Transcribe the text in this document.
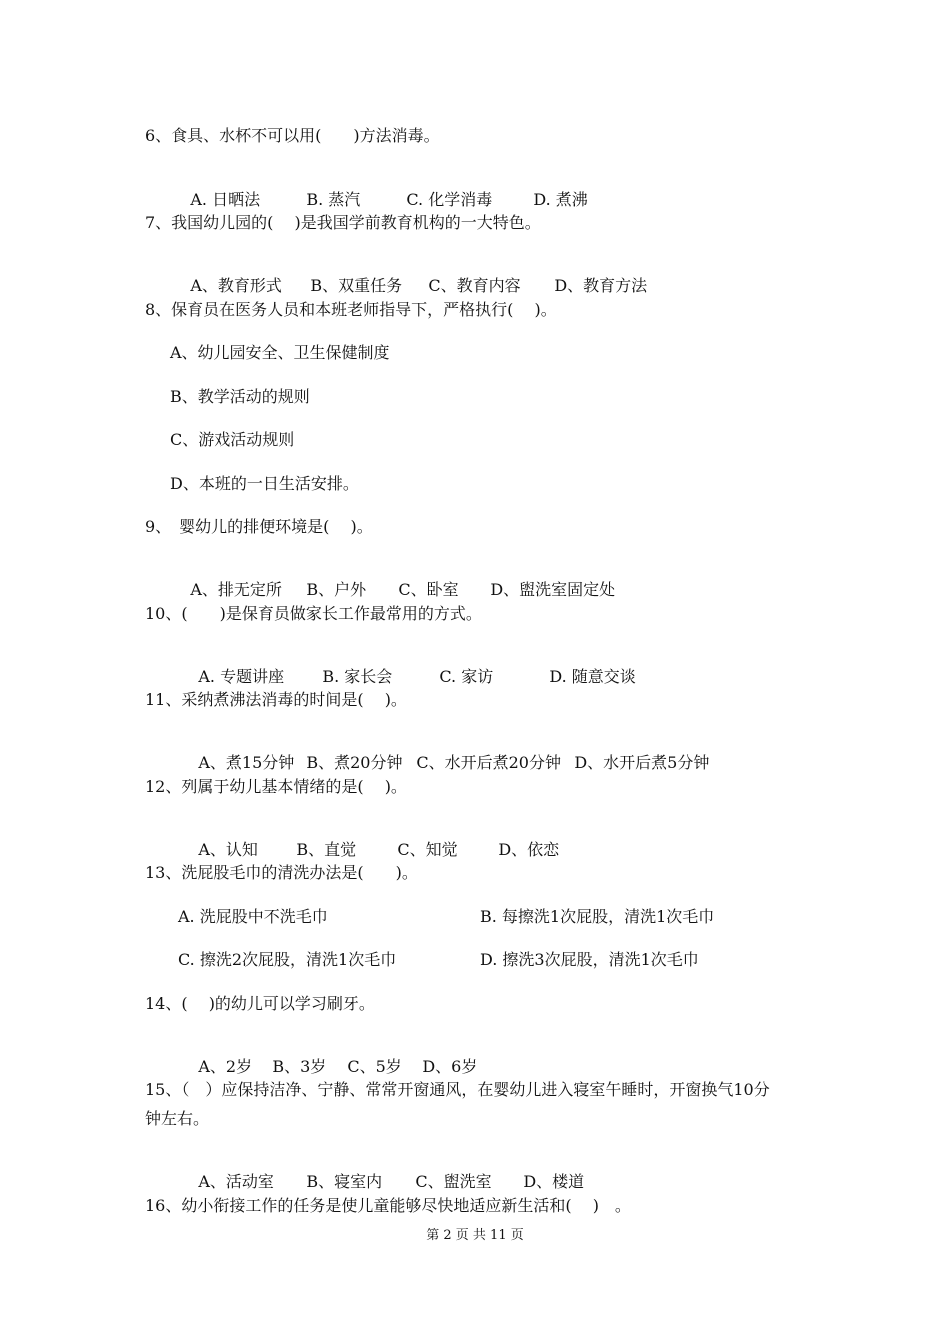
6、食具、水杯不可以用(　　)方法消毒。

A. 日晒法	B. 蒸汽	C. 化学消毒	D. 煮沸

7、我国幼儿园的(　 )是我国学前教育机构的一大特色。

A、教育形式 B、双重任务 C、教育内容 D、教育方法

8、保育员在医务人员和本班老师指导下，严格执行(　 )。
A、幼儿园安全、卫生保健制度
B、教学活动的规则
C、游戏活动规则
D、本班的一日生活安排。
9、　婴幼儿的排便环境是(　 )。

A、排无定所 B、户外 C、卧室 D、盥洗室固定处

10、(　　)是保育员做家长工作最常用的方式。

A. 专题讲座 B. 家长会	C. 家访	D. 随意交谈

11、采纳煮沸法消毒的时间是(　 )。

A、煮15分钟 B、煮20分钟 C、水开后煮20分钟 D、水开后煮5分钟

12、列属于幼儿基本情绪的是(　 )。

A、认知 B、直觉	C、知觉	D、依恋

13、洗屁股毛巾的清洗办法是(　　)。
A. 洗屁股中不洗毛巾	B. 每擦洗1次屁股，清洗1次毛巾
C. 擦洗2次屁股，清洗1次毛巾	D. 擦洗3次屁股，清洗1次毛巾
14、(　 )的幼儿可以学习刷牙。

A、2岁 B、3岁 C、5岁 D、6岁

15、（　）应保持洁净、宁静、常常开窗通风，在婴幼儿进入寝室午睡时，开窗换气10分
钟左右。

A、活动室 B、寝室内 C、盥洗室 D、楼道

16、幼小衔接工作的任务是使儿童能够尽快地适应新生活和(　 )　。
第 2 页 共 11 页
